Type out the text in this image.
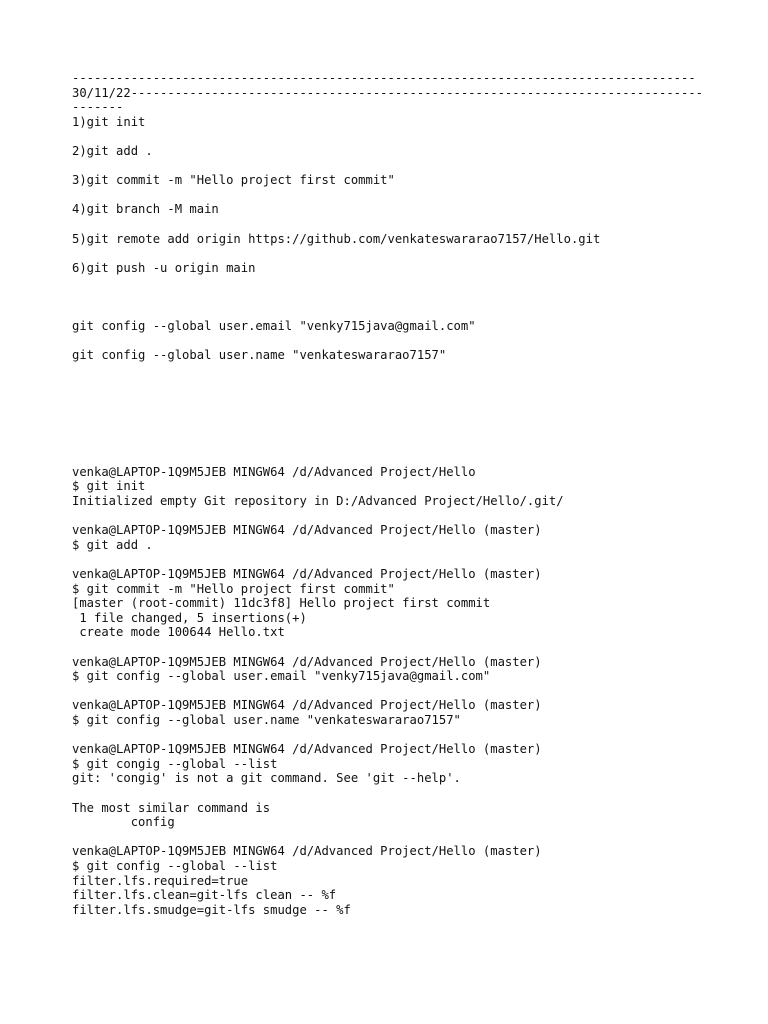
-------------------------------------------------------------------------------------
30/11/22-------------------------------------------------------------------------------------
1)git init
2)git add .
3)git commit -m "Hello project first commit"
4)git branch -M main
5)git remote add origin https://github.com/venkateswararao7157/Hello.git
6)git push -u origin main
git config --global user.email "venky715java@gmail.com"
git config --global user.name "venkateswararao7157"
venka@LAPTOP-1Q9M5JEB MINGW64 /d/Advanced Project/Hello
$ git init
Initialized empty Git repository in D:/Advanced Project/Hello/.git/
venka@LAPTOP-1Q9M5JEB MINGW64 /d/Advanced Project/Hello (master)
$ git add .
venka@LAPTOP-1Q9M5JEB MINGW64 /d/Advanced Project/Hello (master)
$ git commit -m "Hello project first commit"
[master (root-commit) 11dc3f8] Hello project first commit
1 file changed, 5 insertions(+)
create mode 100644 Hello.txt
venka@LAPTOP-1Q9M5JEB MINGW64 /d/Advanced Project/Hello (master)
$ git config --global user.email "venky715java@gmail.com"
venka@LAPTOP-1Q9M5JEB MINGW64 /d/Advanced Project/Hello (master)
$ git config --global user.name "venkateswararao7157"
venka@LAPTOP-1Q9M5JEB MINGW64 /d/Advanced Project/Hello (master)
$ git congig --global --list
git: 'congig' is not a git command. See 'git --help'.
The most similar command is
config
venka@LAPTOP-1Q9M5JEB MINGW64 /d/Advanced Project/Hello (master)
$ git config --global --list
filter.lfs.required=true
filter.lfs.clean=git-lfs clean -- %f
filter.lfs.smudge=git-lfs smudge -- %f
